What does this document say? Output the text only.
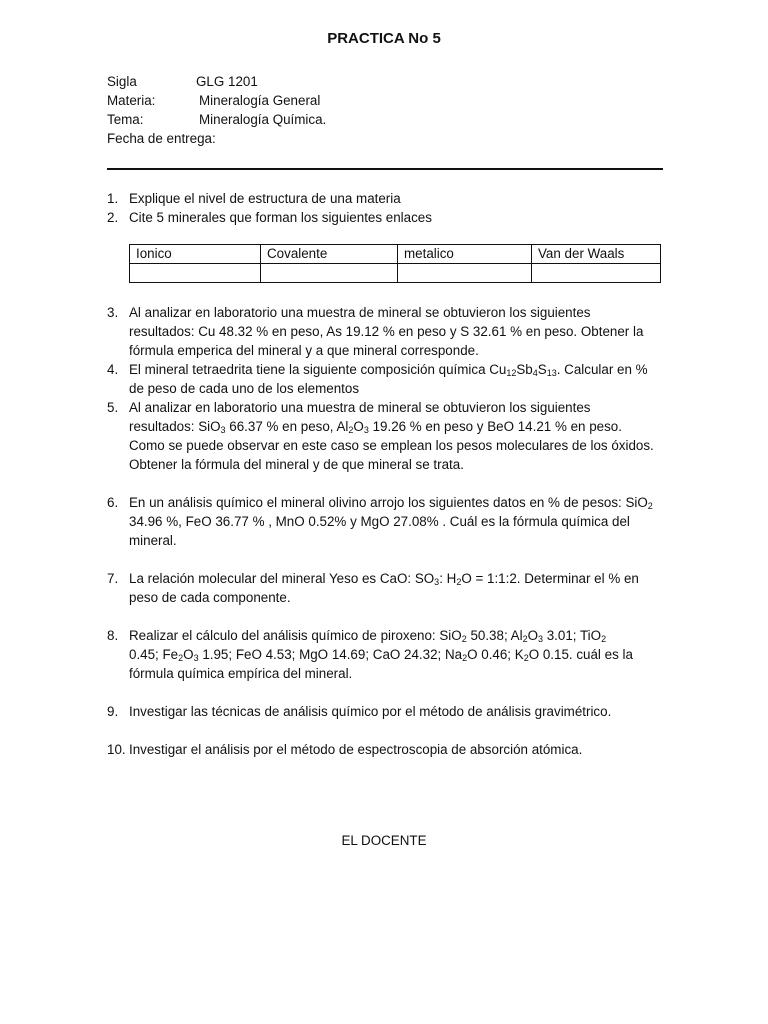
PRACTICA No 5
Sigla	GLG 1201
Materia:	Mineralogía General
Tema:	Mineralogía Química.
Fecha de entrega:
1. Explique el nivel de estructura de una materia
2. Cite 5 minerales que forman los siguientes enlaces
Ionico	Covalente	metalico	Van der Waals

3. Al analizar en laboratorio una muestra de mineral se obtuvieron los siguientes
resultados: Cu 48.32 % en peso, As 19.12 % en peso y S 32.61 % en peso. Obtener la
fórmula emperica del mineral y a que mineral corresponde.
4. El mineral tetraedrita tiene la siguiente composición química $Cu_{12}Sb_4S_{13}$. Calcular en %
de peso de cada uno de los elementos
5. Al analizar en laboratorio una muestra de mineral se obtuvieron los siguientes
resultados: SiO$_3$ 66.37 % en peso, $Al_2O_3$ 19.26 % en peso y BeO 14.21 % en peso.
Como se puede observar en este caso se emplean los pesos moleculares de los óxidos.
Obtener la fórmula del mineral y de que mineral se trata.
6. En un análisis químico el mineral olivino arrojo los siguientes datos en % de pesos: SiO$_2$
34.96 %, FeO 36.77 % , MnO 0.52% y MgO 27.08% . Cuál es la fórmula química del
mineral.
7. La relación molecular del mineral Yeso es CaO: $SO_3$: $H_2O$ = 1:1:2. Determinar el % en
peso de cada componente.
8. Realizar el cálculo del análisis químico de piroxeno: SiO$_2$ 50.38; $Al_2O_3$ 3.01; TiO$_2$
0.45; $Fe_2O_3$ 1.95; FeO 4.53; MgO 14.69; CaO 24.32; $Na_2O$ 0.46; $K_2O$ 0.15. cuál es la
fórmula química empírica del mineral.
9. Investigar las técnicas de análisis químico por el método de análisis gravimétrico.
10. Investigar el análisis por el método de espectroscopia de absorción atómica.
EL DOCENTE
